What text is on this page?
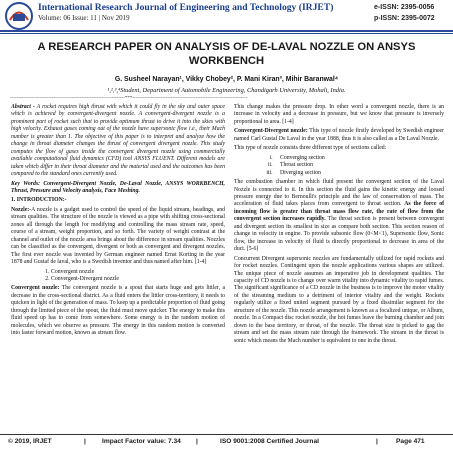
International Research Journal of Engineering and Technology (IRJET)
Volume: 06 Issue: 11 | Nov 2019
e-ISSN: 2395-0056
p-ISSN: 2395-0072
A RESEARCH PAPER ON ANALYSIS OF DE-LAVAL NOZZLE ON ANSYS WORKBENCH
G. Susheel Narayan¹, Vikky Chobey², P. Mani Kiran³, Mihir Baranwal⁴
¹,²,³,⁴Student, Department of Automobile Engineering, Chandigarh University, Mohali, India.
---------------------------------------------------------------------***---------------------------------------------------------------------

Abstract - A rocket requires high thrust with which it could fly in the sky and outer space which is achieved by convergent-divergent nozzle. A convergent-divergent nozzle is a prominent part of rocket such that to provide optimum thrust to drive it into the skies with high velocity. Exhaust gases coming out of the nozzle have supersonic flow i.e., their Mach number is greater than 1. The objective of this paper is to interpret and analyze how the change in throat diameter changes the thrust of convergent divergent nozzle. This study computes the flow of gases inside the convergent divergent nozzle using commercially available computational fluid dynamics (CFD) tool ANSYS FLUENT. Different models are taken which differ in their throat diameter and the material used and the outcomes has been compared to the standard ones currently used.

Key Words: Convergent-Divergent Nozzle, De-Laval Nozzle, ANSYS WORKBENCH, Thrust, Pressure and Velocity analysis, Face Meshing.

1. INTRODUCTION:-

Nozzle:-A nozzle is a gadget used to control the speed of the liquid stream, headings, and stream qualities. The structure of the nozzle is viewed as a pipe with shifting cross-sectional zones all through the length for modifying and controlling the mass stream rate, speed, course of a stream, weight proportion, and so forth. The variety of weight contrast at the channel and outlet of the nozzle area brings about the difference in stream qualities. Nozzles can be classified as the convergent, divergent or both as convergent and divergent nozzles. The first ever nozzle was invented by German engineer named Ernst Korting in the year 1878 and Gustaf de laval, who is a Swedish inventor and thus named after him. [1-4]

1. Convergent nozzle
2. Convergent-Divergent nozzle

Convergent nozzle: The convergent nozzle is a spout that starts huge and gets littler, a decrease in the cross-sectional district. As a fluid enters the littler cross-territory, it needs to quicken in light of the generation of mass. To keep up a predictable proportion of fluid going through the limited piece of the spout, the fluid must move quicker. The energy to make this fluid speed up has to come from somewhere. Some energy is in the random motion of molecules, which we observe as pressure. The energy in this random motion is converted into faster forward motion, known as stream flow.

This change makes the pressure drop. In other word a convergent nozzle, there is an increase in velocity and a decrease in pressure, but we know that pressure is inversely proportional to area. [1-4]

Convergent-Divergent nozzle: This type of nozzle firstly developed by Swedish engineer named Carl Gustaf De Laval in the year 1888, thus it is also called as a De Laval Nozzle.

This type of nozzle consists three different type of sections called:

i. Converging section
ii. Throat section
iii. Diverging section

The combustion chamber in which fluid present the convergent section of the Laval Nozzle is connected to it. In this section the fluid gains the kinetic energy and loosed pressure energy due to Bernoulli's principle and the law of conservation of mass. The acceleration of fluid takes places from convergent to throat section. As the force of incoming flow is greater than throat mass flow rate, the rate of flow from the convergent section increases rapidly. The throat section is present between convergent and divergent section its smallest in size as compare both section. This section reason of change in velocity in engine. To provide subsonic flow (0<M<1), Supersonic flow, Sonic flow, the increase in velocity of fluid is directly proportional to decrease in area of the duct. [5-6]

Concurrent Divergent supersonic nozzles are fundamentally utilized for rapid rockets and for rocket nozzles. Contingent upon the nozzle applications various shapes are utilized. The unique piece of nozzle assumes an imperative job in development qualities. The capacity of CD nozzle is to change over warm vitality into dynamic vitality to rapid fumes. The significant significance of a CD nozzle in the business is to improve the motor vitality of the streaming medium to a detriment of interior vitality and the weight. Rockets regularly utilize a fixed united segment pursued by a fixed dissimilar segment for the structure of the nozzle. This nozzle arrangement is known as a focalized unique, or Album, nozzle. In a Compact disc rocket nozzle, the hot fumes leave the burning chamber and join down to the base territory, or throat, of the nozzle. The throat size is picked to gag the stream and set the mass stream rate through the framework. The stream in the throat is sonic which means the Mach number is equivalent to one in the throat.

© 2019, IRJET	| Impact Factor value: 7.34 |	ISO 9001:2008 Certified Journal	|	Page 471
